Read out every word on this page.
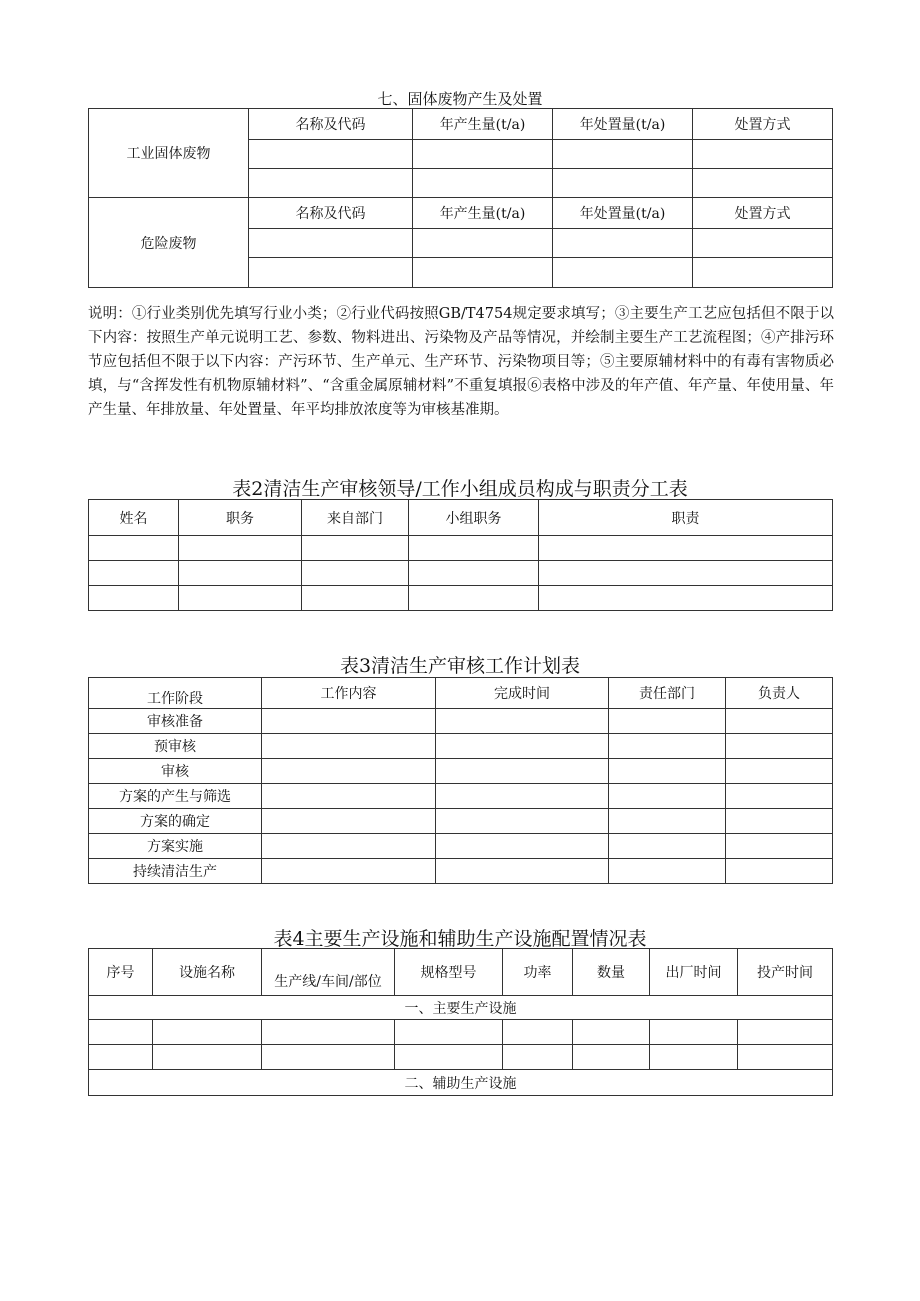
七、固体废物产生及处置
工业固体废物	名称及代码	年产生量(t/a)	年处置量(t/a)	处置方式

危险废物	名称及代码	年产生量(t/a)	年处置量(t/a)	处置方式

说明：①行业类别优先填写行业小类；②行业代码按照GB/T4754规定要求填写；③主要生产工艺应包括但不限于以下内容：按照生产单元说明工艺、参数、物料进出、污染物及产品等情况，并绘制主要生产工艺流程图；④产排污环节应包括但不限于以下内容：产污环节、生产单元、生产环节、污染物项目等；⑤主要原辅材料中的有毒有害物质必填，与“含挥发性有机物原辅材料”、“含重金属原辅材料”不重复填报⑥表格中涉及的年产值、年产量、年使用量、年产生量、年排放量、年处置量、年平均排放浓度等为审核基准期。
表2清洁生产审核领导/工作小组成员构成与职责分工表
姓名	职务	来自部门	小组职务	职责

表3清洁生产审核工作计划表
工作阶段	工作内容	完成时间	责任部门	负责人
审核准备				
预审核				
审核				
方案的产生与筛选				
方案的确定				
方案实施				
持续清洁生产				
表4主要生产设施和辅助生产设施配置情况表
序号	设施名称	生产线/车间/部位	规格型号	功率	数量	出厂时间	投产时间
一、主要生产设施							

二、辅助生产设施							
